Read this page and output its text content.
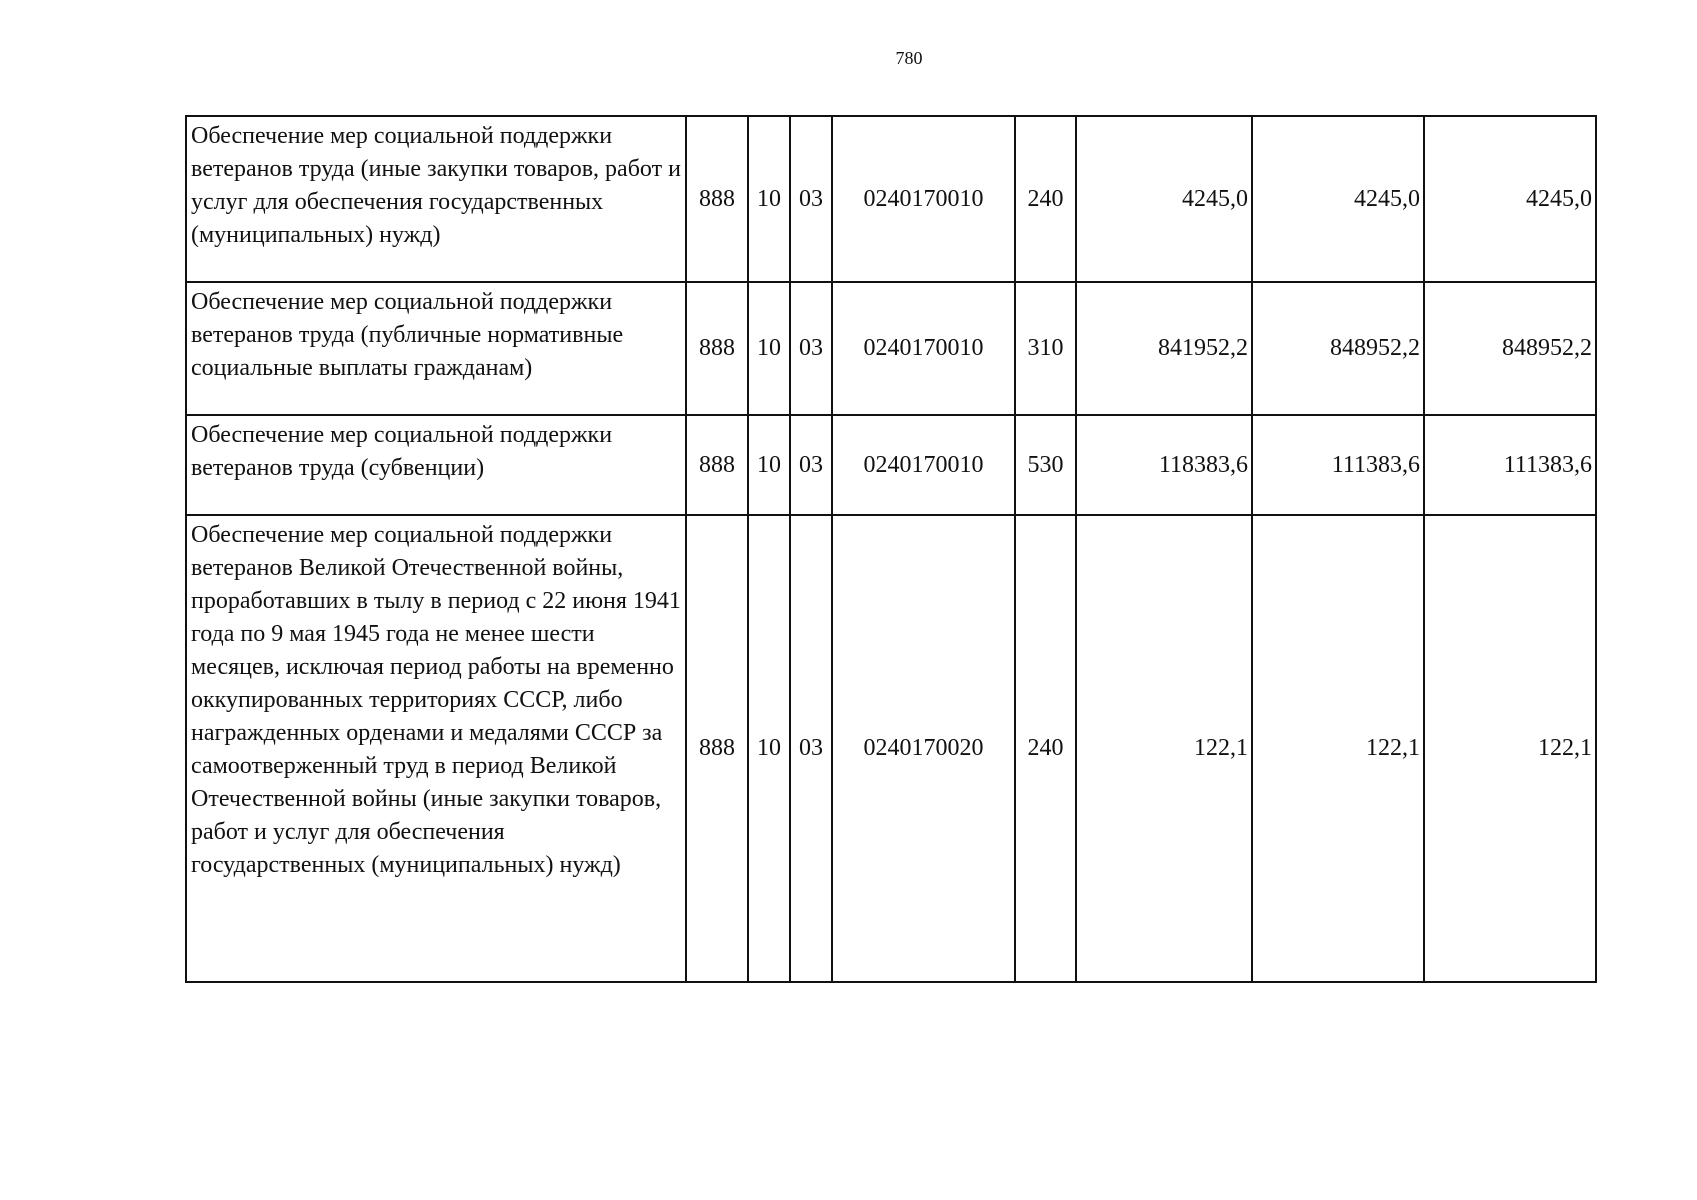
780
Обеспечение мер социальной поддержки ветеранов труда (иные закупки товаров, работ и услуг для обеспечения государственных (муниципальных) нужд)	888	10	03	0240170010	240	4245,0	4245,0	4245,0
Обеспечение мер социальной поддержки ветеранов труда (публичные нормативные социальные выплаты гражданам)	888	10	03	0240170010	310	841952,2	848952,2	848952,2
Обеспечение мер социальной поддержки ветеранов труда (субвенции)	888	10	03	0240170010	530	118383,6	111383,6	111383,6
Обеспечение мер социальной поддержки ветеранов Великой Отечественной войны, проработавших в тылу в период с 22 июня 1941 года по 9 мая 1945 года не менее шести месяцев, исключая период работы на временно оккупированных территориях СССР, либо награжденных орденами и медалями СССР за самоотверженный труд в период Великой Отечественной войны (иные закупки товаров, работ и услуг для обеспечения государственных (муниципальных) нужд)	888	10	03	0240170020	240	122,1	122,1	122,1
